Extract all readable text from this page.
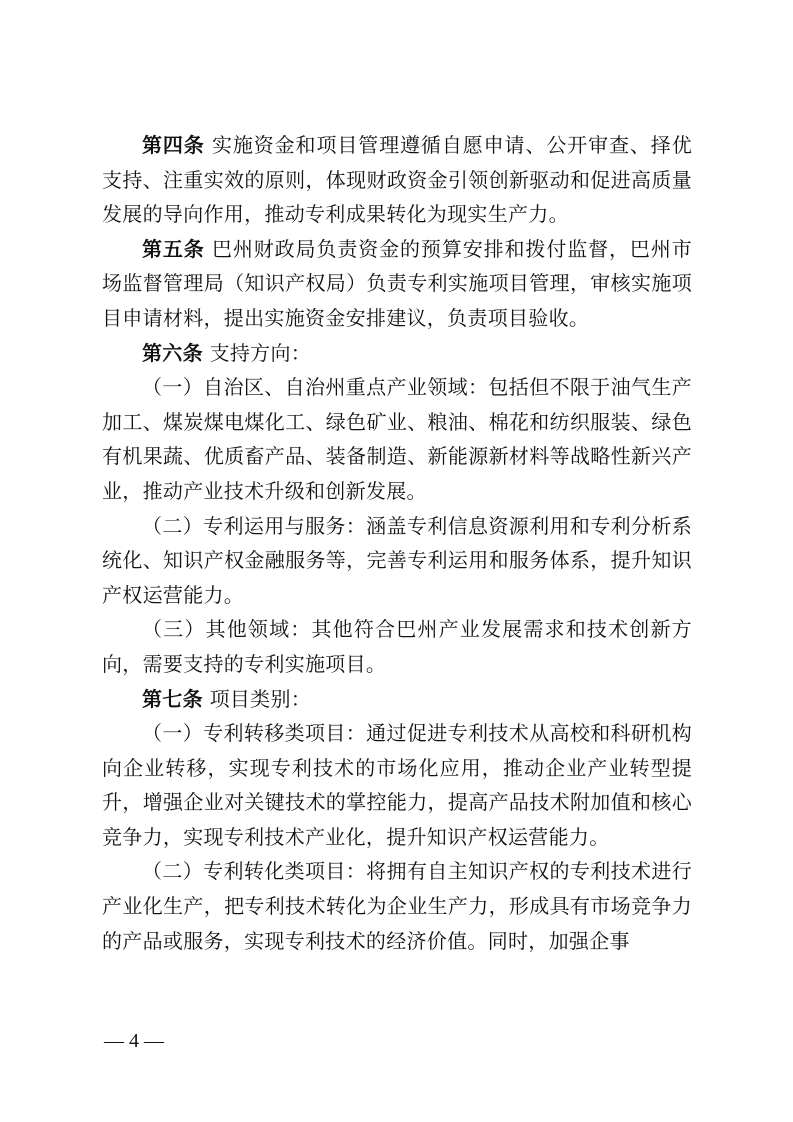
第四条 实施资金和项目管理遵循自愿申请、公开审查、择优支持、注重实效的原则，体现财政资金引领创新驱动和促进高质量发展的导向作用，推动专利成果转化为现实生产力。

第五条 巴州财政局负责资金的预算安排和拨付监督，巴州市场监督管理局（知识产权局）负责专利实施项目管理，审核实施项目申请材料，提出实施资金安排建议，负责项目验收。

第六条 支持方向：

（一）自治区、自治州重点产业领域：包括但不限于油气生产加工、煤炭煤电煤化工、绿色矿业、粮油、棉花和纺织服装、绿色有机果蔬、优质畜产品、装备制造、新能源新材料等战略性新兴产业，推动产业技术升级和创新发展。

（二）专利运用与服务：涵盖专利信息资源利用和专利分析系统化、知识产权金融服务等，完善专利运用和服务体系，提升知识产权运营能力。

（三）其他领域：其他符合巴州产业发展需求和技术创新方向，需要支持的专利实施项目。

第七条 项目类别：

（一）专利转移类项目：通过促进专利技术从高校和科研机构向企业转移，实现专利技术的市场化应用，推动企业产业转型提升，增强企业对关键技术的掌控能力，提高产品技术附加值和核心竞争力，实现专利技术产业化，提升知识产权运营能力。

（二）专利转化类项目：将拥有自主知识产权的专利技术进行产业化生产，把专利技术转化为企业生产力，形成具有市场竞争力的产品或服务，实现专利技术的经济价值。同时，加强企事

— 4 —
